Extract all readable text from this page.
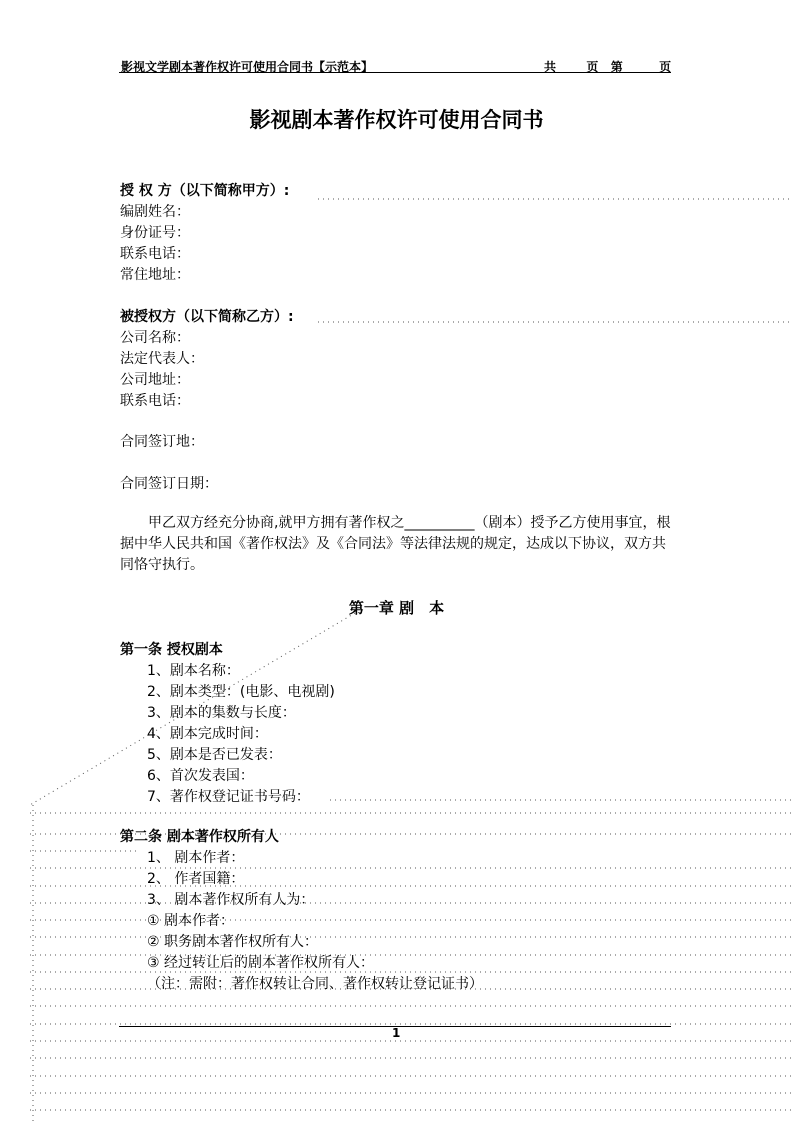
影视文学剧本著作权许可使用合同书【示范本】	共	页 第	页
影视剧本著作权许可使用合同书
授 权 方（以下简称甲方）:
编剧姓名：
身份证号：
联系电话：
常住地址：
被授权方（以下简称乙方）:
公司名称：
法定代表人：
公司地址：
联系电话：
合同签订地：
合同签订日期：
甲乙双方经充分协商,就甲方拥有著作权之__________（剧本）授予乙方使用事宜，根据中华人民共和国《著作权法》及《合同法》等法律法规的规定，达成以下协议，双方共同恪守执行。
第一章 剧　本
第一条 授权剧本
1、剧本名称：
2、剧本类型：(电影、电视剧)
3、剧本的集数与长度：
4、剧本完成时间：
5、剧本是否已发表：
6、首次发表国：
7、著作权登记证书号码：
第二条 剧本著作权所有人
1、 剧本作者：
2、 作者国籍：
3、 剧本著作权所有人为：
① 剧本作者：
② 职务剧本著作权所有人：
③ 经过转让后的剧本著作权所有人：
（注：需附：著作权转让合同、著作权转让登记证书）
1
